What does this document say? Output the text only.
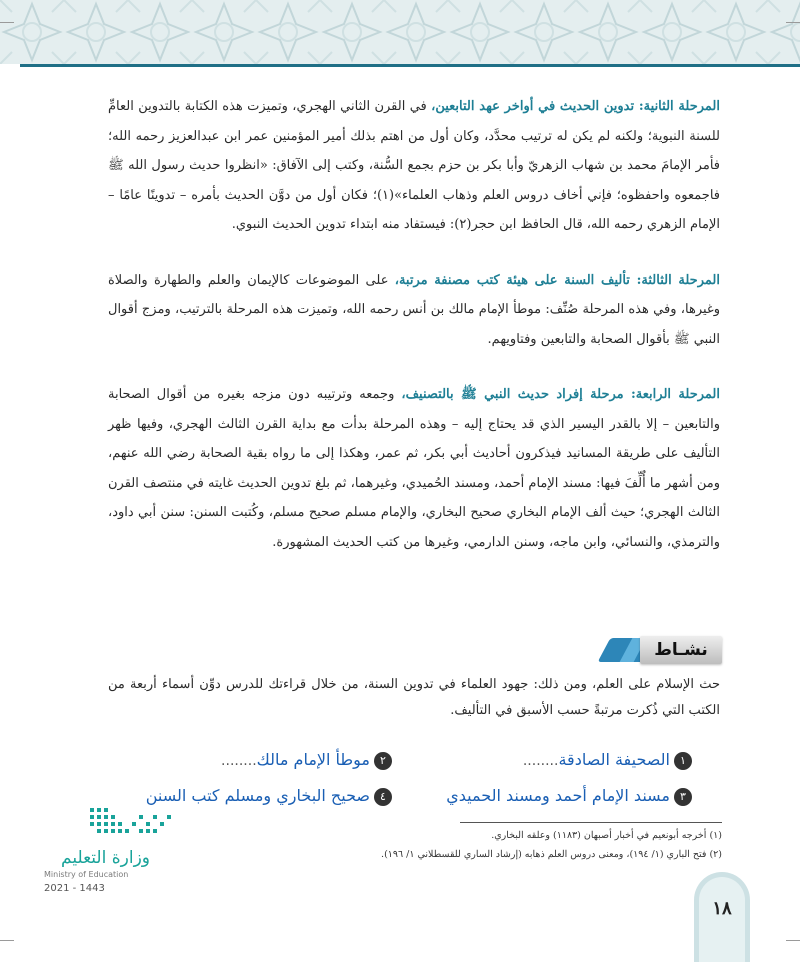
المرحلة الثانية: تدوين الحديث في أواخر عهد التابعين، في القرن الثاني الهجري، وتميزت هذه الكتابة بالتدوين العامِّ للسنة النبوية؛ ولكنه لم يكن له ترتيب محدَّد، وكان أول من اهتم بذلك أمير المؤمنين عمر ابن عبدالعزيز رحمه الله؛ فأمر الإمامَ محمد بن شهاب الزهريّ وأبا بكر بن حزم بجمع السُّنة، وكتب إلى الآفاق: «انظروا حديث رسول الله ﷺ فاجمعوه واحفظوه؛ فإني أخاف دروس العلم وذهاب العلماء»(١)؛ فكان أول من دوَّن الحديث بأمره – تدوينًا عامًا – الإمام الزهري رحمه الله، قال الحافظ ابن حجر(٢): فيستفاد منه ابتداء تدوين الحديث النبوي.

المرحلة الثالثة: تأليف السنة على هيئة كتب مصنفة مرتبة، على الموضوعات كالإيمان والعلم والطهارة والصلاة وغيرها، وفي هذه المرحلة صُنِّف: موطأ الإمام مالك بن أنس رحمه الله، وتميزت هذه المرحلة بالترتيب، ومزج أقوال النبي ﷺ بأقوال الصحابة والتابعين وفتاويهم.

المرحلة الرابعة: مرحلة إفراد حديث النبي ﷺ بالتصنيف، وجمعه وترتيبه دون مزجه بغيره من أقوال الصحابة والتابعين – إلا بالقدر اليسير الذي قد يحتاج إليه – وهذه المرحلة بدأت مع بداية القرن الثالث الهجري، وفيها ظهر التأليف على طريقة المسانيد فيذكرون أحاديث أبي بكر، ثم عمر، وهكذا إلى ما رواه بقية الصحابة رضي الله عنهم، ومن أشهر ما أُلِّفَ فيها: مسند الإمام أحمد، ومسند الحُميدي، وغيرهما، ثم بلغ تدوين الحديث غايته في منتصف القرن الثالث الهجري؛ حيث ألف الإمام البخاري صحيح البخاري، والإمام مسلم صحيح مسلم، وكُتبت السنن: سنن أبي داود، والترمذي، والنسائي، وابن ماجه، وسنن الدارمي، وغيرها من كتب الحديث المشهورة.

نشـاط

حث الإسلام على العلم، ومن ذلك: جهود العلماء في تدوين السنة، من خلال قراءتك للدرس دوِّن أسماء أربعة من الكتب التي ذُكرت مرتبةً حسب الأسبق في التأليف.

١الصحيفة الصادقة........
٢موطأ الإمام مالك........
٣مسند الإمام أحمد ومسند الحميدي
٤صحيح البخاري ومسلم كتب السنن
(١) أخرجه أبونعيم في أخبار أصبهان (١١٨٣) وعلقه البخاري.
(٢) فتح الباري (١/ ١٩٤)، ومعنى دروس العلم ذهابه (إرشاد الساري للقسطلاني ١/ ١٩٦).
وزارة التعليم
Ministry of Education
2021 - 1443
١٨
